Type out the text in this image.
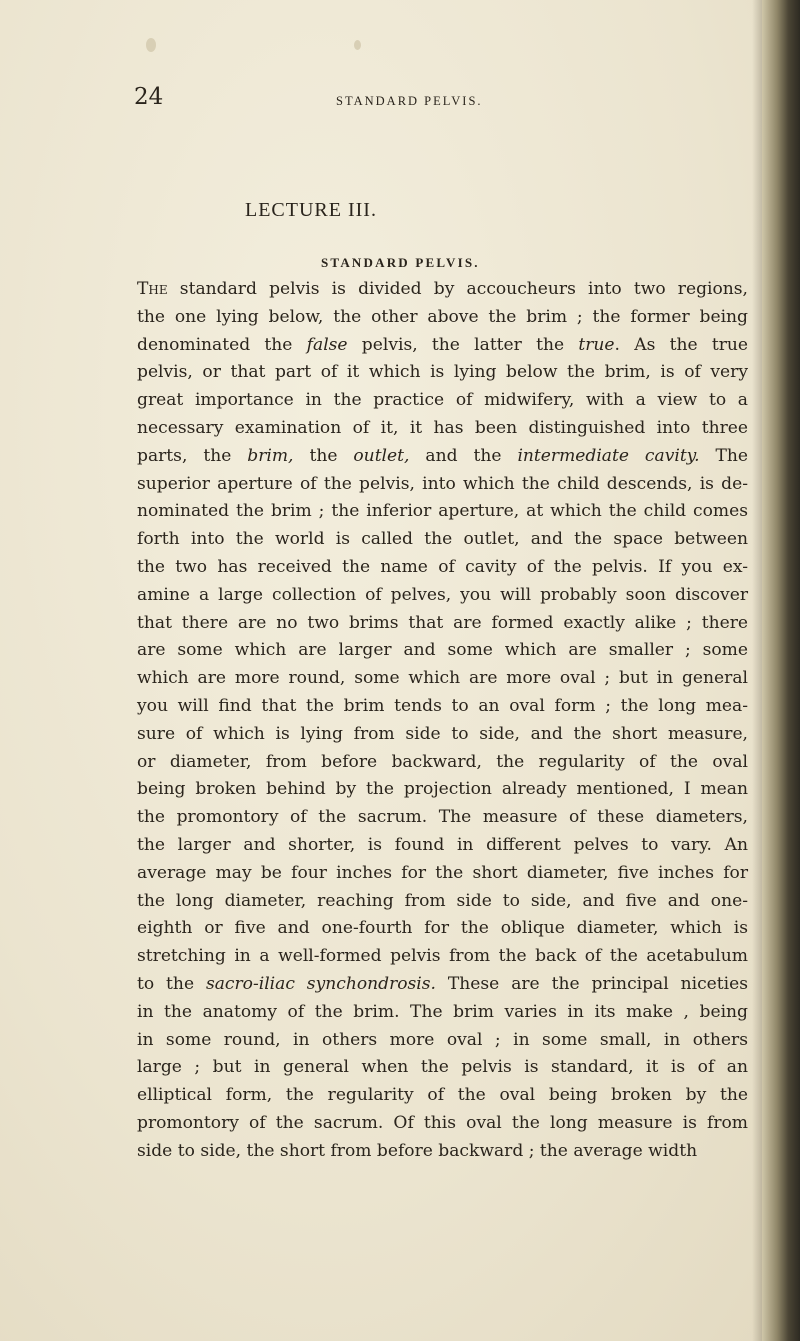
24	STANDARD PELVIS.
LECTURE III.
STANDARD PELVIS.
The standard pelvis is divided by accoucheurs into two regions,
the one lying below, the other above the brim ; the former being
denominated the false pelvis, the latter the true. As the true
pelvis, or that part of it which is lying below the brim, is of very
great importance in the practice of midwifery, with a view to a
necessary examination of it, it has been distinguished into three
parts, the brim, the outlet, and the intermediate cavity. The
superior aperture of the pelvis, into which the child descends, is de-
nominated the brim ; the inferior aperture, at which the child comes
forth into the world is called the outlet, and the space between
the two has received the name of cavity of the pelvis. If you ex-
amine a large collection of pelves, you will probably soon discover
that there are no two brims that are formed exactly alike ; there
are some which are larger and some which are smaller ; some
which are more round, some which are more oval ; but in general
you will find that the brim tends to an oval form ; the long mea-
sure of which is lying from side to side, and the short measure,
or diameter, from before backward, the regularity of the oval
being broken behind by the projection already mentioned, I mean
the promontory of the sacrum. The measure of these diameters,
the larger and shorter, is found in different pelves to vary. An
average may be four inches for the short diameter, five inches for
the long diameter, reaching from side to side, and five and one-
eighth or five and one-fourth for the oblique diameter, which is
stretching in a well-formed pelvis from the back of the acetabulum
to the sacro-iliac synchondrosis. These are the principal niceties
in the anatomy of the brim. The brim varies in its make , being
in some round, in others more oval ; in some small, in others
large ; but in general when the pelvis is standard, it is of an
elliptical form, the regularity of the oval being broken by the
promontory of the sacrum. Of this oval the long measure is from
side to side, the short from before backward ; the average width
